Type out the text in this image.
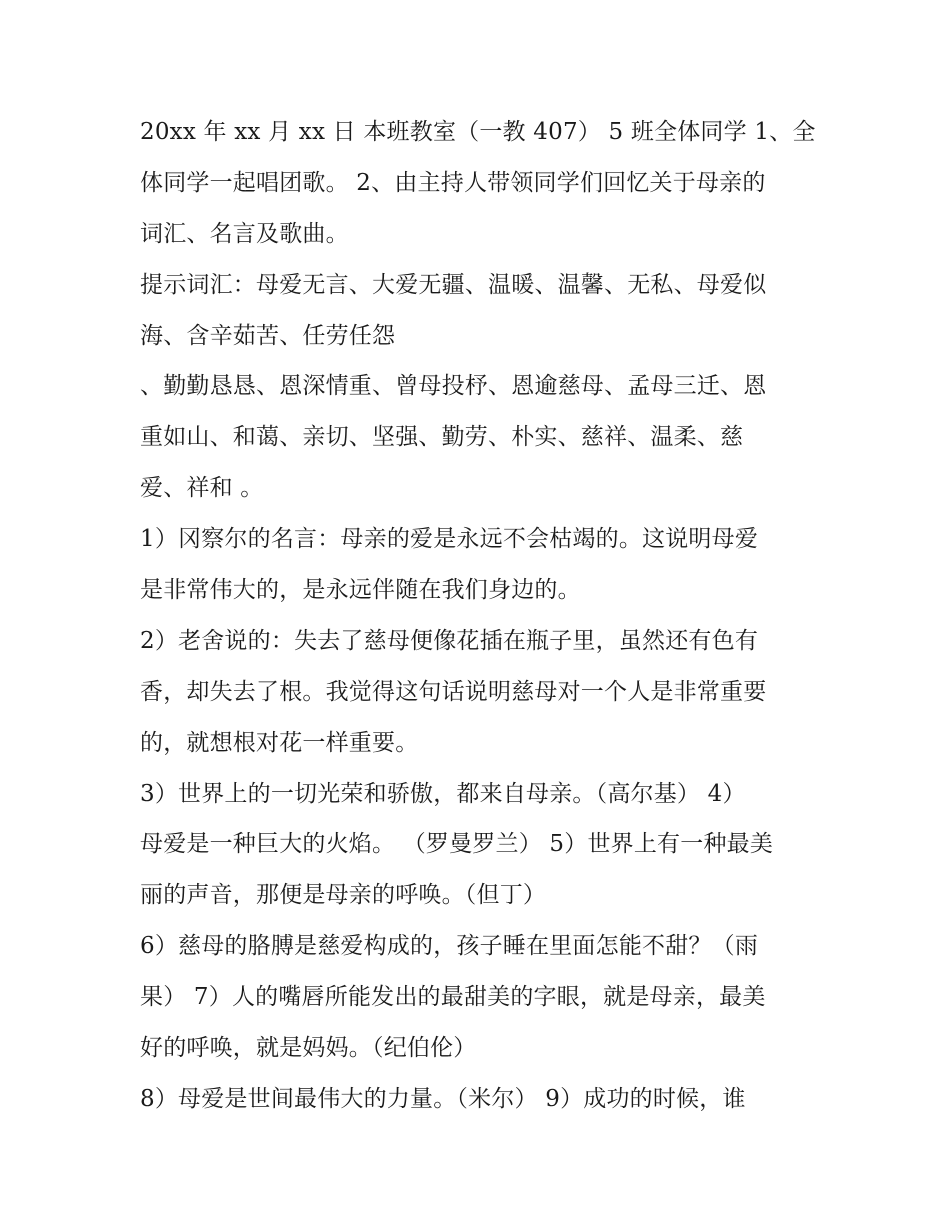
20xx 年 xx 月 xx 日 本班教室（一教 407） 5 班全体同学 1、全
体同学一起唱团歌。 2、由主持人带领同学们回忆关于母亲的
词汇、名言及歌曲。
提示词汇：母爱无言、大爱无疆、温暖、温馨、无私、母爱似
海、含辛茹苦、任劳任怨
、勤勤恳恳、恩深情重、曾母投杼、恩逾慈母、孟母三迁、恩
重如山、和蔼、亲切、坚强、勤劳、朴实、慈祥、温柔、慈
爱、祥和 。
1）冈察尔的名言：母亲的爱是永远不会枯竭的。这说明母爱
是非常伟大的，是永远伴随在我们身边的。
2）老舍说的：失去了慈母便像花插在瓶子里，虽然还有色有
香，却失去了根。我觉得这句话说明慈母对一个人是非常重要
的，就想根对花一样重要。
3）世界上的一切光荣和骄傲，都来自母亲。（高尔基） 4）
母爱是一种巨大的火焰。 （罗曼罗兰） 5）世界上有一种最美
丽的声音，那便是母亲的呼唤。（但丁）
6）慈母的胳膊是慈爱构成的，孩子睡在里面怎能不甜？（雨
果） 7）人的嘴唇所能发出的最甜美的字眼，就是母亲，最美
好的呼唤，就是妈妈。（纪伯伦）
8）母爱是世间最伟大的力量。（米尔） 9）成功的时候，谁
